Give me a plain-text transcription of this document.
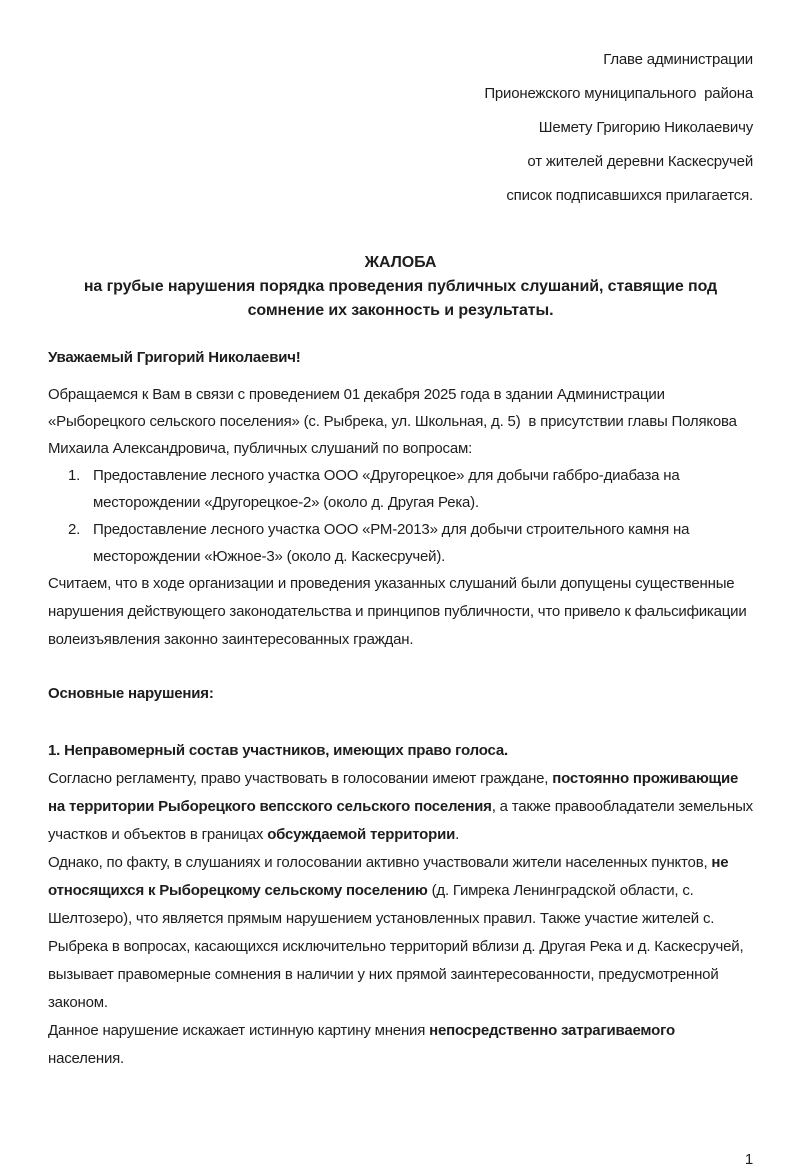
Главе администрации
Прионежского муниципального  района
Шемету Григорию Николаевичу
от жителей деревни Каскесручей
список подписавшихся прилагается.
ЖАЛОБА
на грубые нарушения порядка проведения публичных слушаний, ставящие под сомнение их законность и результаты.

Уважаемый Григорий Николаевич!

Обращаемся к Вам в связи с проведением 01 декабря 2025 года в здании Администрации «Рыборецкого сельского поселения» (с. Рыбрека, ул. Школьная, д. 5)  в присутствии главы Полякова Михаила Александровича, публичных слушаний по вопросам:

1. Предоставление лесного участка ООО «Другорецкое» для добычи габбро-диабаза на месторождении «Другорецкое-2» (около д. Другая Река).
2. Предоставление лесного участка ООО «РМ-2013» для добычи строительного камня на месторождении «Южное-3» (около д. Каскесручей).

Считаем, что в ходе организации и проведения указанных слушаний были допущены существенные нарушения действующего законодательства и принципов публичности, что привело к фальсификации волеизъявления законно заинтересованных граждан.

Основные нарушения:

1. Неправомерный состав участников, имеющих право голоса.

Согласно регламенту, право участвовать в голосовании имеют граждане, постоянно проживающие на территории Рыборецкого вепсского сельского поселения, а также правообладатели земельных участков и объектов в границах обсуждаемой территории.

Однако, по факту, в слушаниях и голосовании активно участвовали жители населенных пунктов, не относящихся к Рыборецкому сельскому поселению (д. Гимрека Ленинградской области, с. Шелтозеро), что является прямым нарушением установленных правил. Также участие жителей с. Рыбрека в вопросах, касающихся исключительно территорий вблизи д. Другая Река и д. Каскесручей, вызывает правомерные сомнения в наличии у них прямой заинтересованности, предусмотренной законом.

Данное нарушение искажает истинную картину мнения непосредственно затрагиваемого населения.

1
